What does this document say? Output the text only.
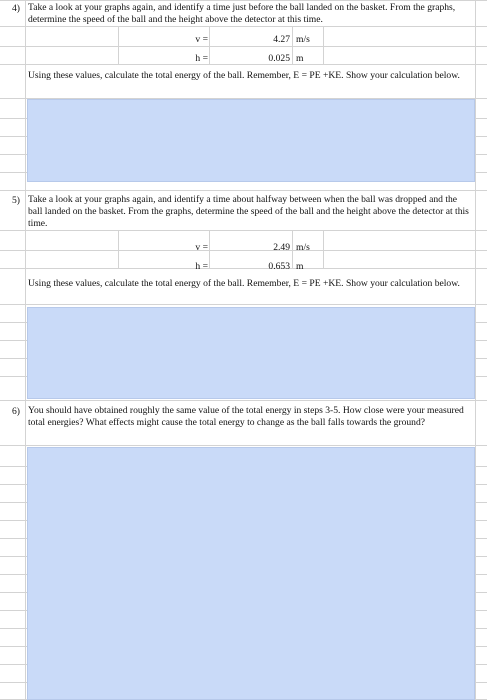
4) Take a look at your graphs again, and identify a time just before the ball landed on the basket. From the graphs, determine the speed of the ball and the height above the detector at this time.
v =	4.27 m/s
h =	0.025 m
Using these values, calculate the total energy of the ball. Remember, E = PE +KE. Show your calculation below.
5) Take a look at your graphs again, and identify a time about halfway between when the ball was dropped and the ball landed on the basket. From the graphs, determine the speed of the ball and the height above the detector at this time.
v =	2.49 m/s
h =	0.653 m
Using these values, calculate the total energy of the ball. Remember, E = PE +KE. Show your calculation below.
6) You should have obtained roughly the same value of the total energy in steps 3-5. How close were your measured total energies? What effects might cause the total energy to change as the ball falls towards the ground?
